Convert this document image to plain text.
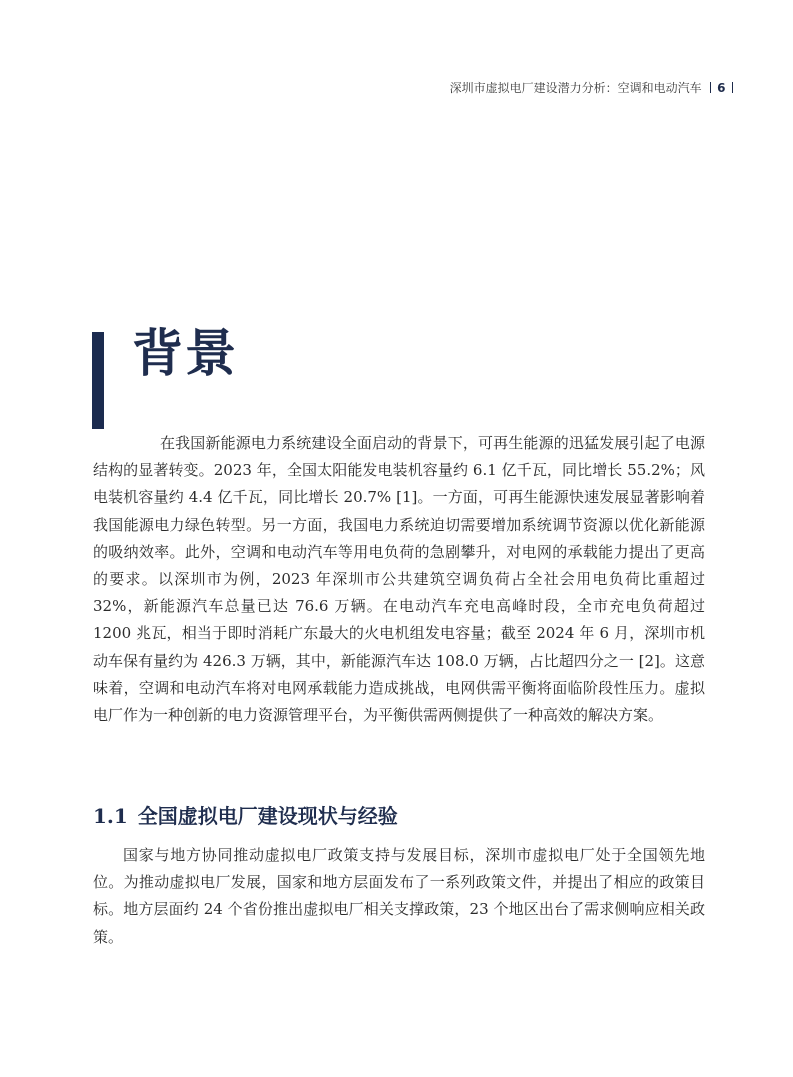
深圳市虚拟电厂建设潜力分析：空调和电动汽车 6
背景

在我国新能源电力系统建设全面启动的背景下，可再生能源的迅猛发展引起了电源结构的显著转变。2023 年，全国太阳能发电装机容量约 6.1 亿千瓦，同比增长 55.2%；风电装机容量约 4.4 亿千瓦，同比增长 20.7% [1]。一方面，可再生能源快速发展显著影响着我国能源电力绿色转型。另一方面，我国电力系统迫切需要增加系统调节资源以优化新能源的吸纳效率。此外，空调和电动汽车等用电负荷的急剧攀升，对电网的承载能力提出了更高的要求。以深圳市为例，2023 年深圳市公共建筑空调负荷占全社会用电负荷比重超过 32%，新能源汽车总量已达 76.6 万辆。在电动汽车充电高峰时段，全市充电负荷超过 1200 兆瓦，相当于即时消耗广东最大的火电机组发电容量；截至 2024 年 6 月，深圳市机动车保有量约为 426.3 万辆，其中，新能源汽车达 108.0 万辆，占比超四分之一 [2]。这意味着，空调和电动汽车将对电网承载能力造成挑战，电网供需平衡将面临阶段性压力。虚拟电厂作为一种创新的电力资源管理平台，为平衡供需两侧提供了一种高效的解决方案。

1.1 全国虚拟电厂建设现状与经验

国家与地方协同推动虚拟电厂政策支持与发展目标，深圳市虚拟电厂处于全国领先地位。为推动虚拟电厂发展，国家和地方层面发布了一系列政策文件，并提出了相应的政策目标。地方层面约 24 个省份推出虚拟电厂相关支撑政策，23 个地区出台了需求侧响应相关政策。
